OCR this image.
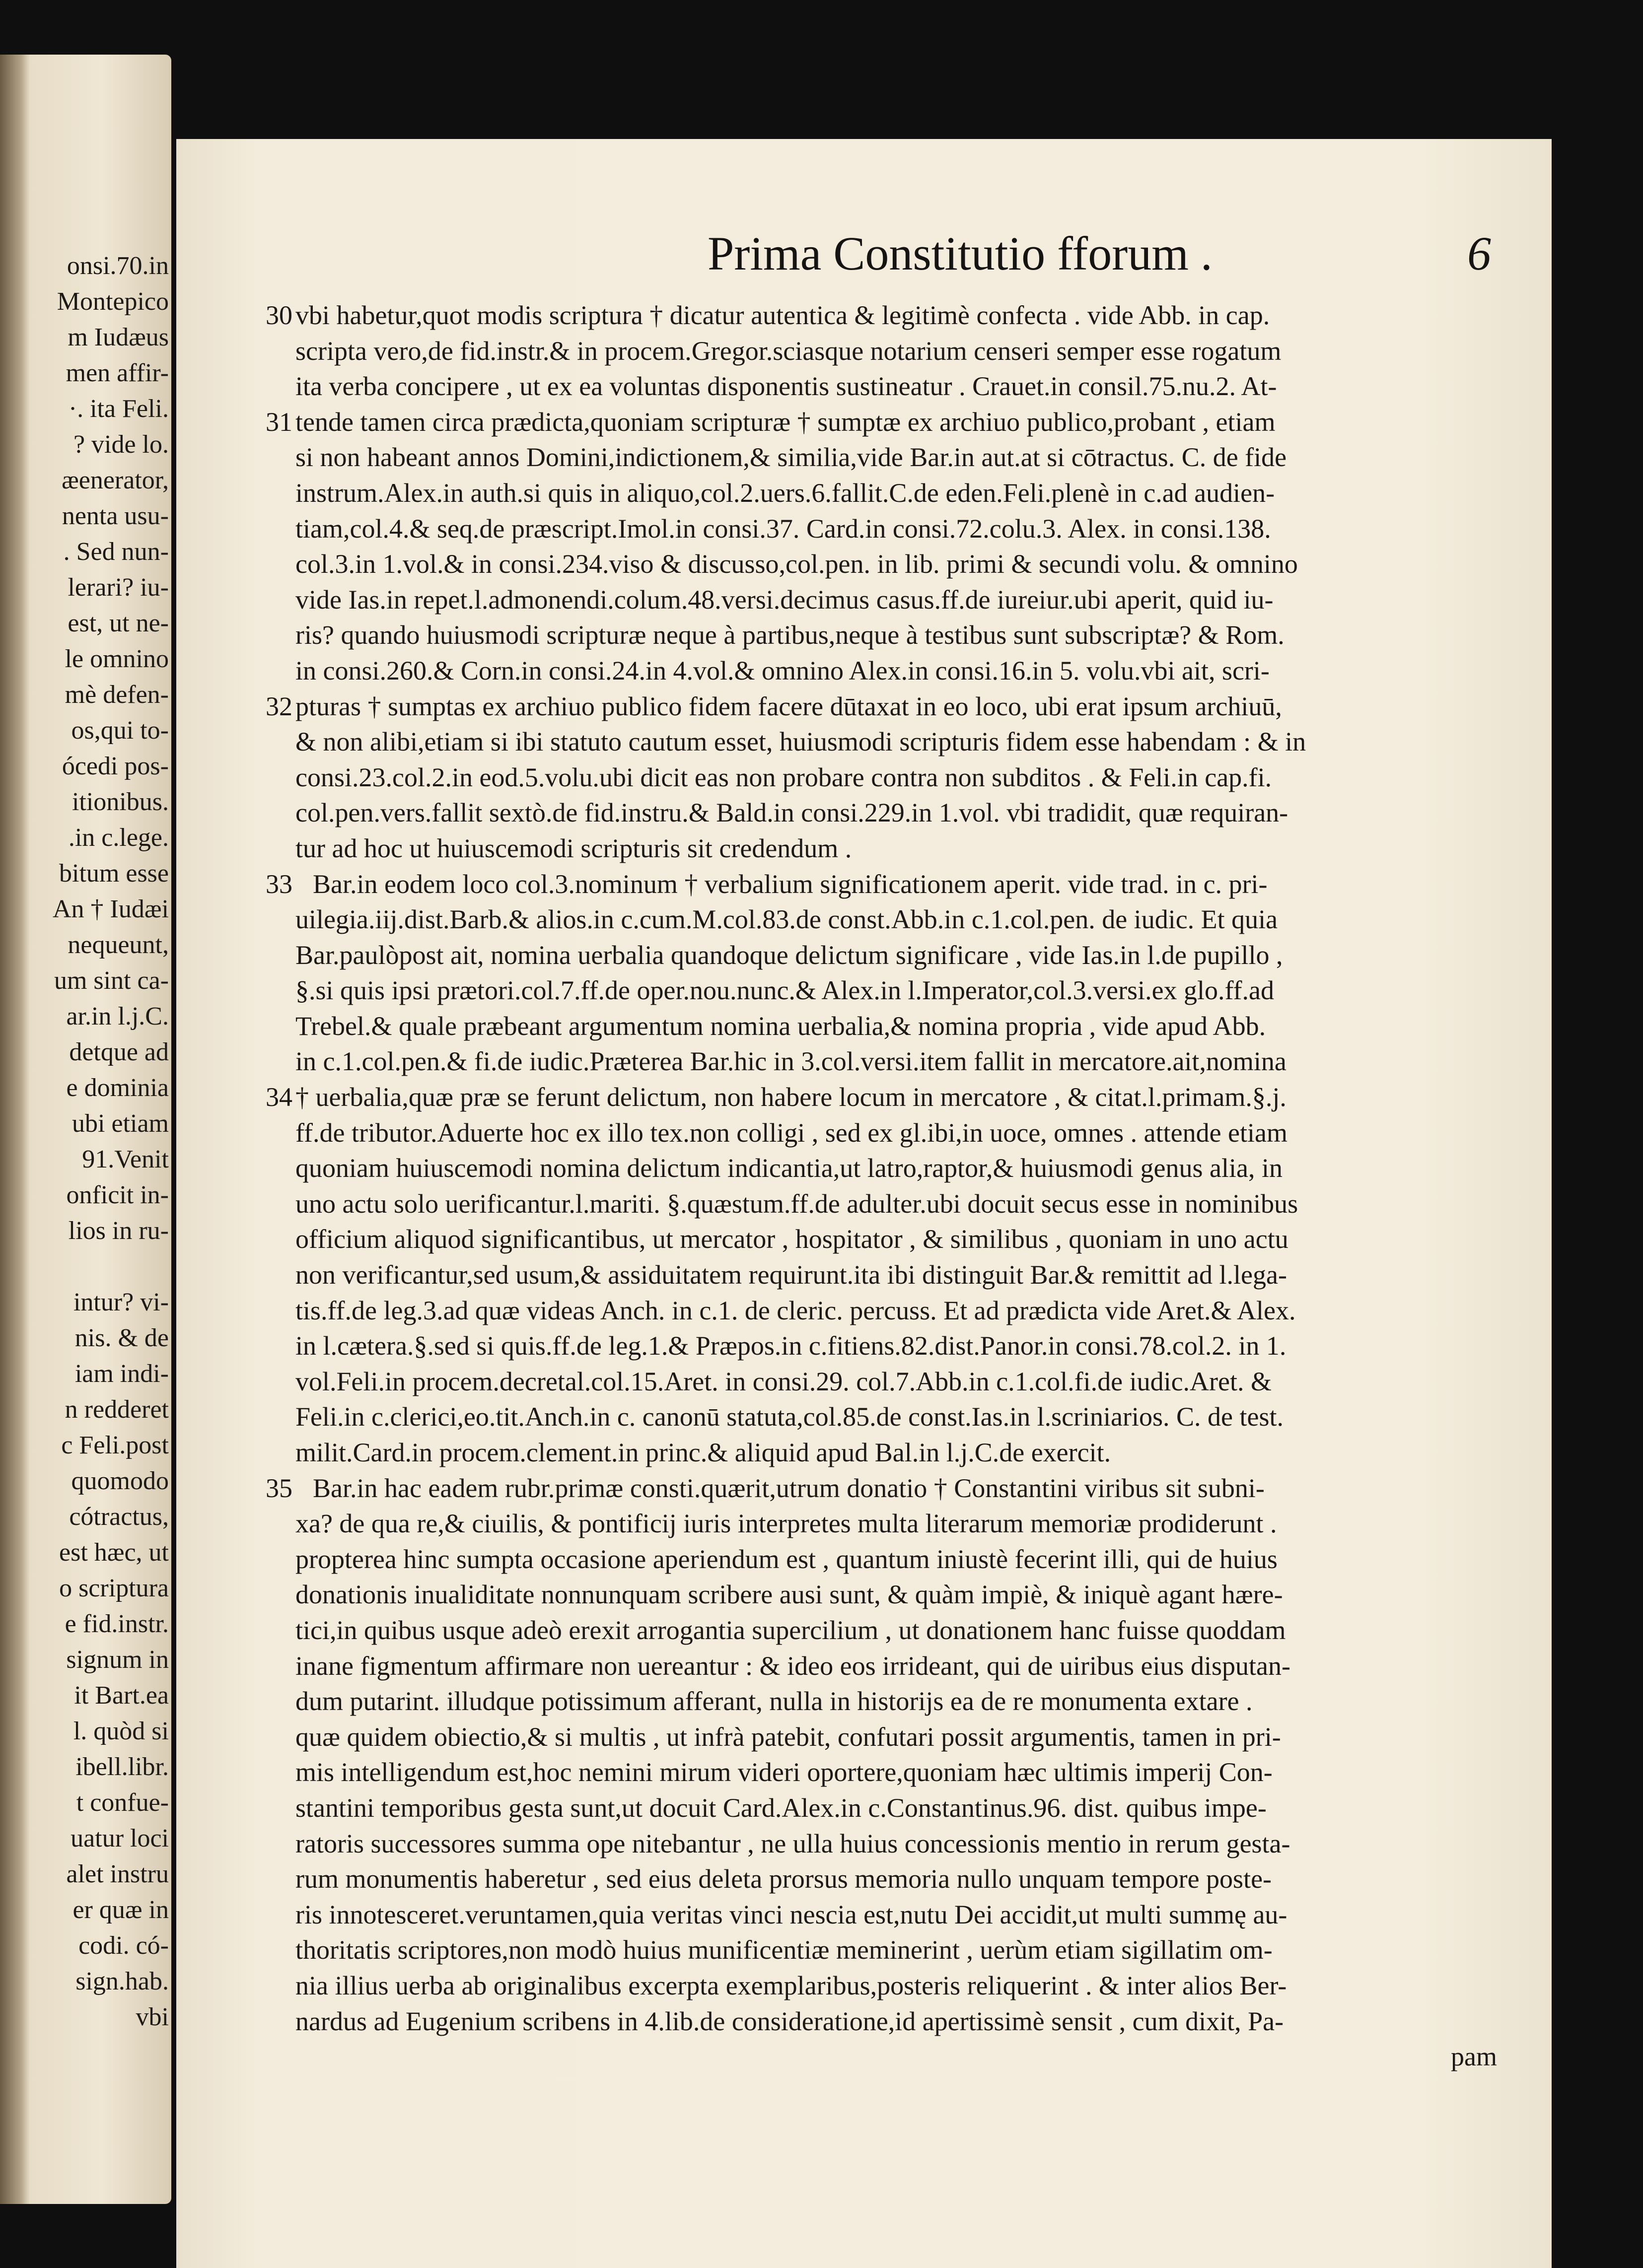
onsi.70.in
Montepico
m Iudæus
men affir-
·. ita Feli.
? vide lo.
æenerator,
nenta usu-
. Sed nun-
lerari? iu-
est, ut ne-
le omnino
mè defen-
os,qui to-
ócedi pos-
itionibus.
.in c.lege.
bitum esse
An † Iudæi
nequeunt,
um sint ca-
ar.in l.j.C.
detque ad
e dominia
ubi etiam
91.Venit
onficit in-
lios in ru-
intur? vi-
nis. & de
iam indi-
n redderet
c Feli.post
quomodo
cótractus,
est hæc, ut
o scriptura
e fid.instr.
signum in
it Bart.ea
l. quòd si
ibell.libr.
t confue-
uatur loci
alet instru
er quæ in
codi. có-
sign.hab.
vbi
Prima Constitutio fforum .	6
30 vbi habetur,quot modis scriptura † dicatur autentica & legitimè confecta . vide Abb. in cap.
scripta vero,de fid.instr.& in procem.Gregor.sciasque notarium censeri semper esse rogatum
ita verba concipere , ut ex ea voluntas disponentis sustineatur . Crauet.in consil.75.nu.2. At-
31 tende tamen circa prædicta,quoniam scripturæ † sumptæ ex archiuo publico,probant , etiam
si non habeant annos Domini,indictionem,& similia,vide Bar.in aut.at si cōtractus. C. de fide
instrum.Alex.in auth.si quis in aliquo,col.2.uers.6.fallit.C.de eden.Feli.plenè in c.ad audien-
tiam,col.4.& seq.de præscript.Imol.in consi.37. Card.in consi.72.colu.3. Alex. in consi.138.
col.3.in 1.vol.& in consi.234.viso & discusso,col.pen. in lib. primi & secundi volu. & omnino
vide Ias.in repet.l.admonendi.colum.48.versi.decimus casus.ff.de iureiur.ubi aperit, quid iu-
ris? quando huiusmodi scripturæ neque à partibus,neque à testibus sunt subscriptæ? & Rom.
in consi.260.& Corn.in consi.24.in 4.vol.& omnino Alex.in consi.16.in 5. volu.vbi ait, scri-
32 pturas † sumptas ex archiuo publico fidem facere dūtaxat in eo loco, ubi erat ipsum archiuū,
& non alibi,etiam si ibi statuto cautum esset, huiusmodi scripturis fidem esse habendam : & in
consi.23.col.2.in eod.5.volu.ubi dicit eas non probare contra non subditos . & Feli.in cap.fi.
col.pen.vers.fallit sextò.de fid.instru.& Bald.in consi.229.in 1.vol. vbi tradidit, quæ requiran-
tur ad hoc ut huiuscemodi scripturis sit credendum .
33 Bar.in eodem loco col.3.nominum † verbalium significationem aperit. vide trad. in c. pri-
uilegia.iij.dist.Barb.& alios.in c.cum.M.col.83.de const.Abb.in c.1.col.pen. de iudic. Et quia
Bar.paulòpost ait, nomina uerbalia quandoque delictum significare , vide Ias.in l.de pupillo ,
§.si quis ipsi prætori.col.7.ff.de oper.nou.nunc.& Alex.in l.Imperator,col.3.versi.ex glo.ff.ad
Trebel.& quale præbeant argumentum nomina uerbalia,& nomina propria , vide apud Abb.
in c.1.col.pen.& fi.de iudic.Præterea Bar.hic in 3.col.versi.item fallit in mercatore.ait,nomina
34 † uerbalia,quæ præ se ferunt delictum, non habere locum in mercatore , & citat.l.primam.§.j.
ff.de tributor.Aduerte hoc ex illo tex.non colligi , sed ex gl.ibi,in uoce, omnes . attende etiam
quoniam huiuscemodi nomina delictum indicantia,ut latro,raptor,& huiusmodi genus alia, in
uno actu solo uerificantur.l.mariti. §.quæstum.ff.de adulter.ubi docuit secus esse in nominibus
officium aliquod significantibus, ut mercator , hospitator , & similibus , quoniam in uno actu
non verificantur,sed usum,& assiduitatem requirunt.ita ibi distinguit Bar.& remittit ad l.lega-
tis.ff.de leg.3.ad quæ videas Anch. in c.1. de cleric. percuss. Et ad prædicta vide Aret.& Alex.
in l.cætera.§.sed si quis.ff.de leg.1.& Præpos.in c.fitiens.82.dist.Panor.in consi.78.col.2. in 1.
vol.Feli.in procem.decretal.col.15.Aret. in consi.29. col.7.Abb.in c.1.col.fi.de iudic.Aret. &
Feli.in c.clerici,eo.tit.Anch.in c. canonū statuta,col.85.de const.Ias.in l.scriniarios. C. de test.
milit.Card.in procem.clement.in princ.& aliquid apud Bal.in l.j.C.de exercit.
35 Bar.in hac eadem rubr.primæ consti.quærit,utrum donatio † Constantini viribus sit subni-
xa? de qua re,& ciuilis, & pontificij iuris interpretes multa literarum memoriæ prodiderunt .
propterea hinc sumpta occasione aperiendum est , quantum iniustè fecerint illi, qui de huius
donationis inualiditate nonnunquam scribere ausi sunt, & quàm impiè, & iniquè agant hære-
tici,in quibus usque adeò erexit arrogantia supercilium , ut donationem hanc fuisse quoddam
inane figmentum affirmare non uereantur : & ideo eos irrideant, qui de uiribus eius disputan-
dum putarint. illudque potissimum afferant, nulla in historijs ea de re monumenta extare .
quæ quidem obiectio,& si multis , ut infrà patebit, confutari possit argumentis, tamen in pri-
mis intelligendum est,hoc nemini mirum videri oportere,quoniam hæc ultimis imperij Con-
stantini temporibus gesta sunt,ut docuit Card.Alex.in c.Constantinus.96. dist. quibus impe-
ratoris successores summa ope nitebantur , ne ulla huius concessionis mentio in rerum gesta-
rum monumentis haberetur , sed eius deleta prorsus memoria nullo unquam tempore poste-
ris innotesceret.veruntamen,quia veritas vinci nescia est,nutu Dei accidit,ut multi summę au-
thoritatis scriptores,non modò huius munificentiæ meminerint , uerùm etiam sigillatim om-
nia illius uerba ab originalibus excerpta exemplaribus,posteris reliquerint . & inter alios Ber-
nardus ad Eugenium scribens in 4.lib.de consideratione,id apertissimè sensit , cum dixit, Pa-
pam
